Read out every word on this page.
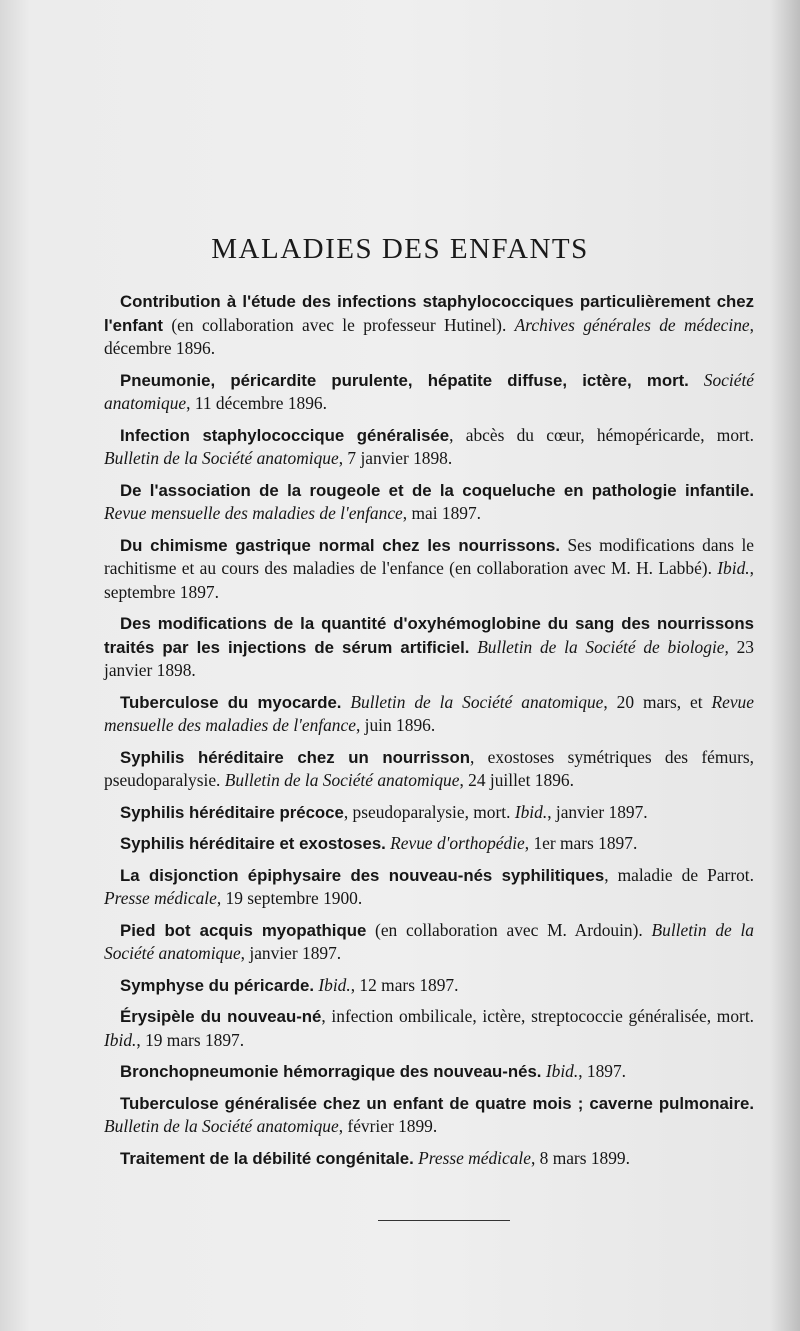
MALADIES DES ENFANTS

Contribution à l'étude des infections staphylococciques particulièrement chez l'enfant (en collaboration avec le professeur Hutinel). Archives générales de médecine, décembre 1896.

Pneumonie, péricardite purulente, hépatite diffuse, ictère, mort. Société anatomique, 11 décembre 1896.

Infection staphylococcique généralisée, abcès du cœur, hémopéricarde, mort. Bulletin de la Société anatomique, 7 janvier 1898.

De l'association de la rougeole et de la coqueluche en pathologie infantile. Revue mensuelle des maladies de l'enfance, mai 1897.

Du chimisme gastrique normal chez les nourrissons. Ses modifications dans le rachitisme et au cours des maladies de l'enfance (en collaboration avec M. H. Labbé). Ibid., septembre 1897.

Des modifications de la quantité d'oxyhémoglobine du sang des nourrissons traités par les injections de sérum artificiel. Bulletin de la Société de biologie, 23 janvier 1898.

Tuberculose du myocarde. Bulletin de la Société anatomique, 20 mars, et Revue mensuelle des maladies de l'enfance, juin 1896.

Syphilis héréditaire chez un nourrisson, exostoses symétriques des fémurs, pseudoparalysie. Bulletin de la Société anatomique, 24 juillet 1896.

Syphilis héréditaire précoce, pseudoparalysie, mort. Ibid., janvier 1897.

Syphilis héréditaire et exostoses. Revue d'orthopédie, 1er mars 1897.

La disjonction épiphysaire des nouveau-nés syphilitiques, maladie de Parrot. Presse médicale, 19 septembre 1900.

Pied bot acquis myopathique (en collaboration avec M. Ardouin). Bulletin de la Société anatomique, janvier 1897.

Symphyse du péricarde. Ibid., 12 mars 1897.

Érysipèle du nouveau-né, infection ombilicale, ictère, streptococcie généralisée, mort. Ibid., 19 mars 1897.

Bronchopneumonie hémorragique des nouveau-nés. Ibid., 1897.

Tuberculose généralisée chez un enfant de quatre mois ; caverne pulmonaire. Bulletin de la Société anatomique, février 1899.

Traitement de la débilité congénitale. Presse médicale, 8 mars 1899.
